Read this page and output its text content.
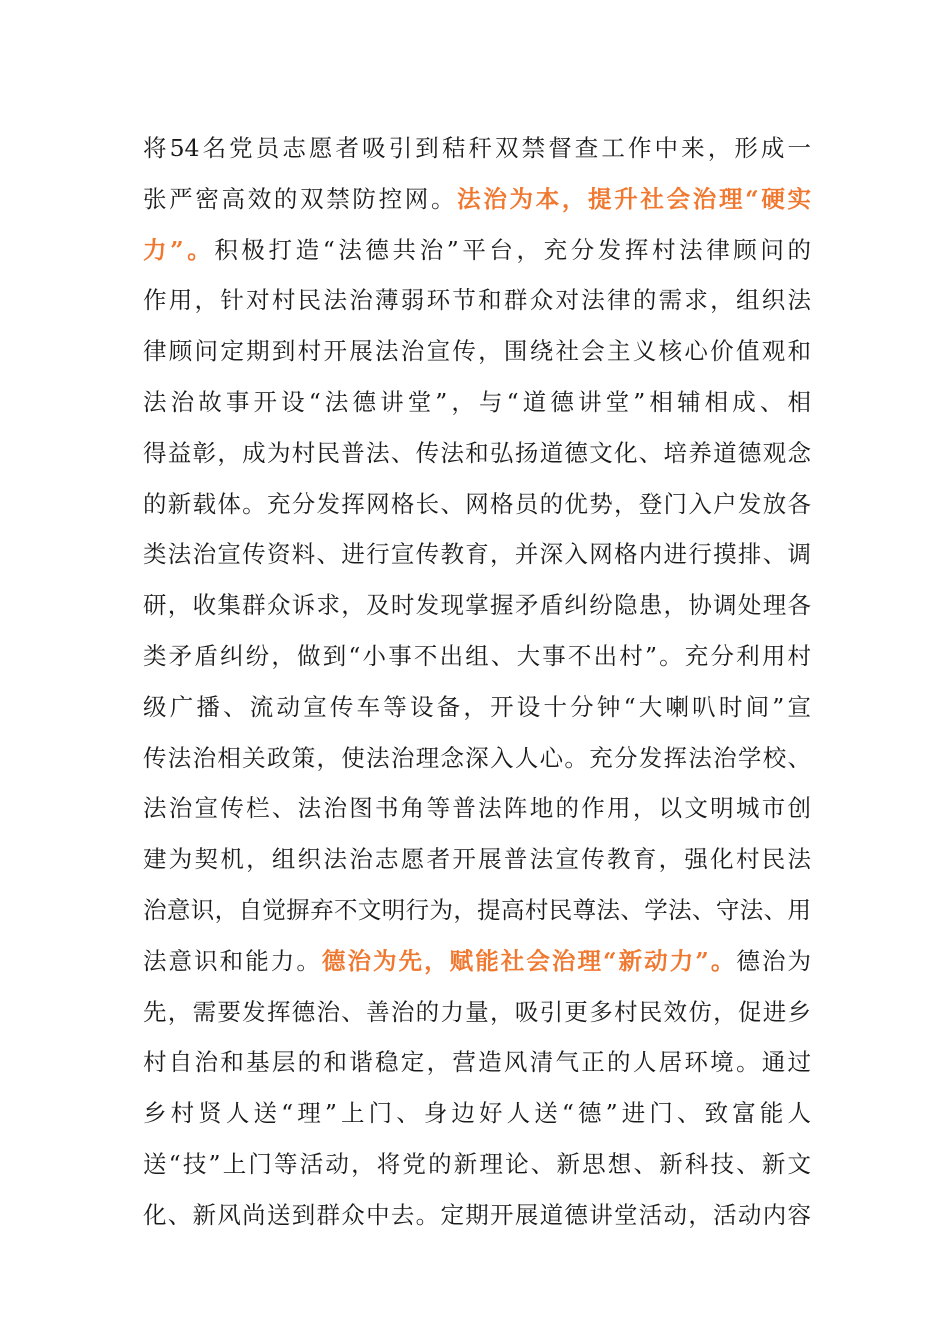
将54名党员志愿者吸引到秸秆双禁督查工作中来，形成一
张严密高效的双禁防控网。法治为本，提升社会治理“硬实
力”。积极打造“法德共治”平台，充分发挥村法律顾问的
作用，针对村民法治薄弱环节和群众对法律的需求，组织法
律顾问定期到村开展法治宣传，围绕社会主义核心价值观和
法治故事开设“法德讲堂”，与“道德讲堂”相辅相成、相
得益彰，成为村民普法、传法和弘扬道德文化、培养道德观念
的新载体。充分发挥网格长、网格员的优势，登门入户发放各
类法治宣传资料、进行宣传教育，并深入网格内进行摸排、调
研，收集群众诉求，及时发现掌握矛盾纠纷隐患，协调处理各
类矛盾纠纷，做到“小事不出组、大事不出村”。充分利用村
级广播、流动宣传车等设备，开设十分钟“大喇叭时间”宣
传法治相关政策，使法治理念深入人心。充分发挥法治学校、
法治宣传栏、法治图书角等普法阵地的作用，以文明城市创
建为契机，组织法治志愿者开展普法宣传教育，强化村民法
治意识，自觉摒弃不文明行为，提高村民尊法、学法、守法、用
法意识和能力。德治为先，赋能社会治理“新动力”。德治为
先，需要发挥德治、善治的力量，吸引更多村民效仿，促进乡
村自治和基层的和谐稳定，营造风清气正的人居环境。通过
乡村贤人送“理”上门、身边好人送“德”进门、致富能人
送“技”上门等活动，将党的新理论、新思想、新科技、新文
化、新风尚送到群众中去。定期开展道德讲堂活动，活动内容
